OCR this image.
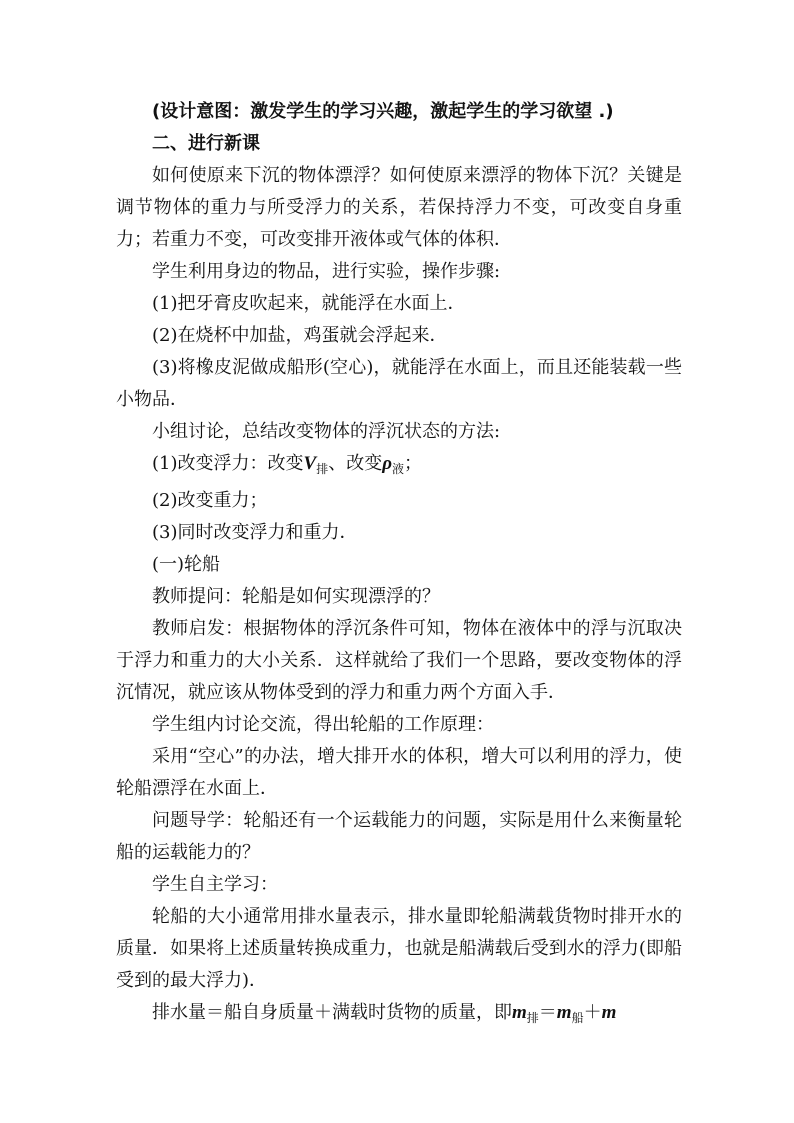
(设计意图：激发学生的学习兴趣，激起学生的学习欲望 .)

二、进行新课

如何使原来下沉的物体漂浮？如何使原来漂浮的物体下沉？关键是调节物体的重力与所受浮力的关系，若保持浮力不变，可改变自身重力；若重力不变，可改变排开液体或气体的体积．

学生利用身边的物品，进行实验，操作步骤:

(1)把牙膏皮吹起来，就能浮在水面上．

(2)在烧杯中加盐，鸡蛋就会浮起来．

(3)将橡皮泥做成船形(空心)，就能浮在水面上，而且还能装载一些小物品．

小组讨论，总结改变物体的浮沉状态的方法:

(1)改变浮力：改变$V_排$、改变$\rho_液$；

(2)改变重力；

(3)同时改变浮力和重力．

(一)轮船

教师提问：轮船是如何实现漂浮的？

教师启发：根据物体的浮沉条件可知，物体在液体中的浮与沉取决于浮力和重力的大小关系．这样就给了我们一个思路，要改变物体的浮沉情况，就应该从物体受到的浮力和重力两个方面入手．

学生组内讨论交流，得出轮船的工作原理：

采用“空心”的办法，增大排开水的体积，增大可以利用的浮力，使轮船漂浮在水面上．

问题导学：轮船还有一个运载能力的问题，实际是用什么来衡量轮船的运载能力的？

学生自主学习：

轮船的大小通常用排水量表示，排水量即轮船满载货物时排开水的质量．如果将上述质量转换成重力，也就是船满载后受到水的浮力(即船受到的最大浮力)．

排水量＝船自身质量＋满载时货物的质量，即$m_排=m_船+m$
